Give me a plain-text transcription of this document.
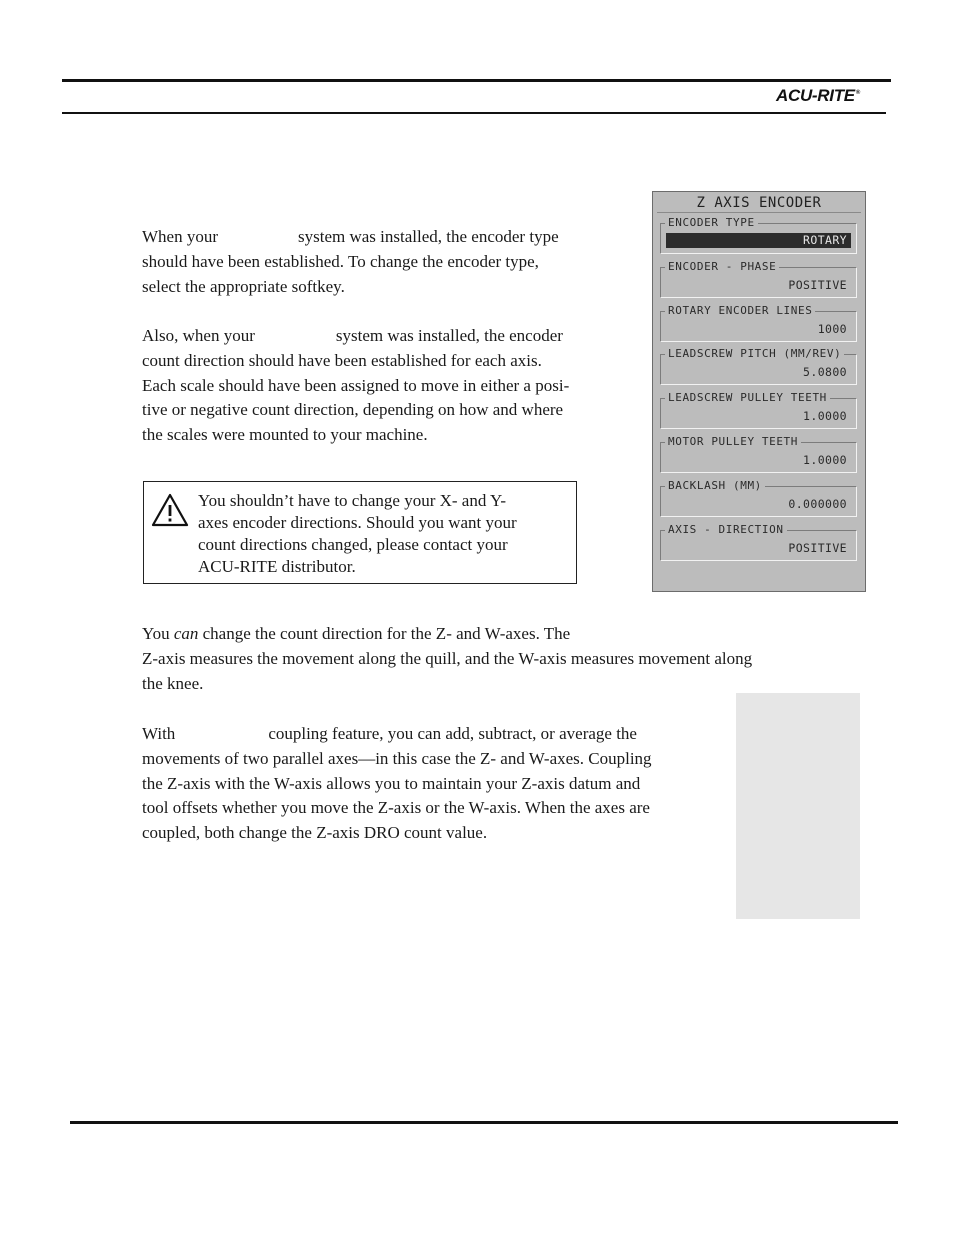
ACU-RITE®
When your	system was installed, the encoder type
should have been established. To change the encoder type,
select the appropriate softkey.
Also, when your	system was installed, the encoder
count direction should have been established for each axis.
Each scale should have been assigned to move in either a posi-
tive or negative count direction, depending on how and where
the scales were mounted to your machine.
You shouldn’t have to change your X- and Y-
axes encoder directions. Should you want your
count directions changed, please contact your
ACU-RITE distributor.
You can change the count direction for the Z- and W-axes. The
Z-axis measures the movement along the quill, and the W-axis measures movement along
the knee.
With	coupling feature, you can add, subtract, or average the
movements of two parallel axes—in this case the Z- and W-axes. Coupling
the Z-axis with the W-axis allows you to maintain your Z-axis datum and
tool offsets whether you move the Z-axis or the W-axis. When the axes are
coupled, both change the Z-axis DRO count value.
Z AXIS ENCODER
ENCODER TYPE
ROTARY
ENCODER - PHASE
POSITIVE
ROTARY ENCODER LINES
1000
LEADSCREW PITCH (MM/REV)
5.0800
LEADSCREW PULLEY TEETH
1.0000
MOTOR PULLEY TEETH
1.0000
BACKLASH (MM)
0.000000
AXIS - DIRECTION
POSITIVE
